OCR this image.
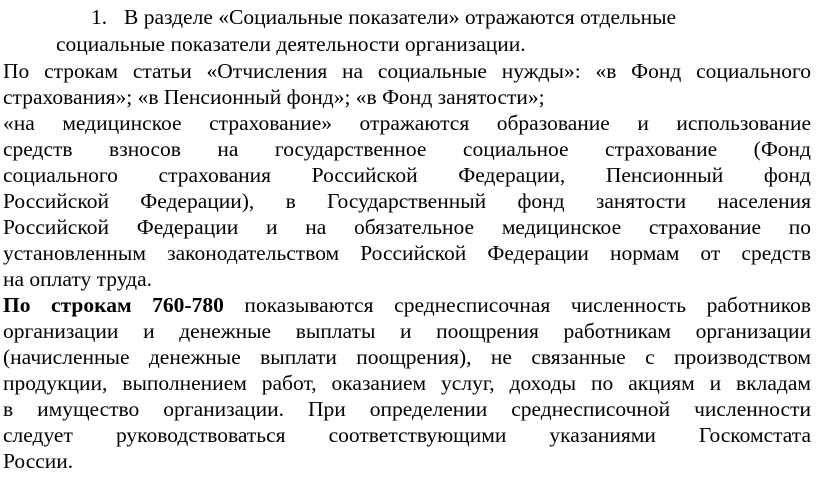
1. В разделе «Социальные показатели» отражаются отдельные
социальные показатели деятельности организации.

По строкам статьи «Отчисления на социальные нужды»: «в Фонд социального
страхования»; «в Пенсионный фонд»; «в Фонд занятости»;
«на медицинское страхование» отражаются образование и использование
средств взносов на государственное социальное страхование (Фонд
социального страхования Российской Федерации, Пенсионный фонд
Российской Федерации), в Государственный фонд занятости населения
Российской Федерации и на обязательное медицинское страхование по
установленным законодательством Российской Федерации нормам от средств
на оплату труда.

По строкам 760-780 показываются среднесписочная численность работников
организации и денежные выплаты и поощрения работникам организации
(начисленные денежные выплати поощрения), не связанные с производством
продукции, выполнением работ, оказанием услуг, доходы по акциям и вкладам
в имущество организации. При определении среднесписочной численности
следует руководствоваться соответствующими указаниями Госкомстата
России.
